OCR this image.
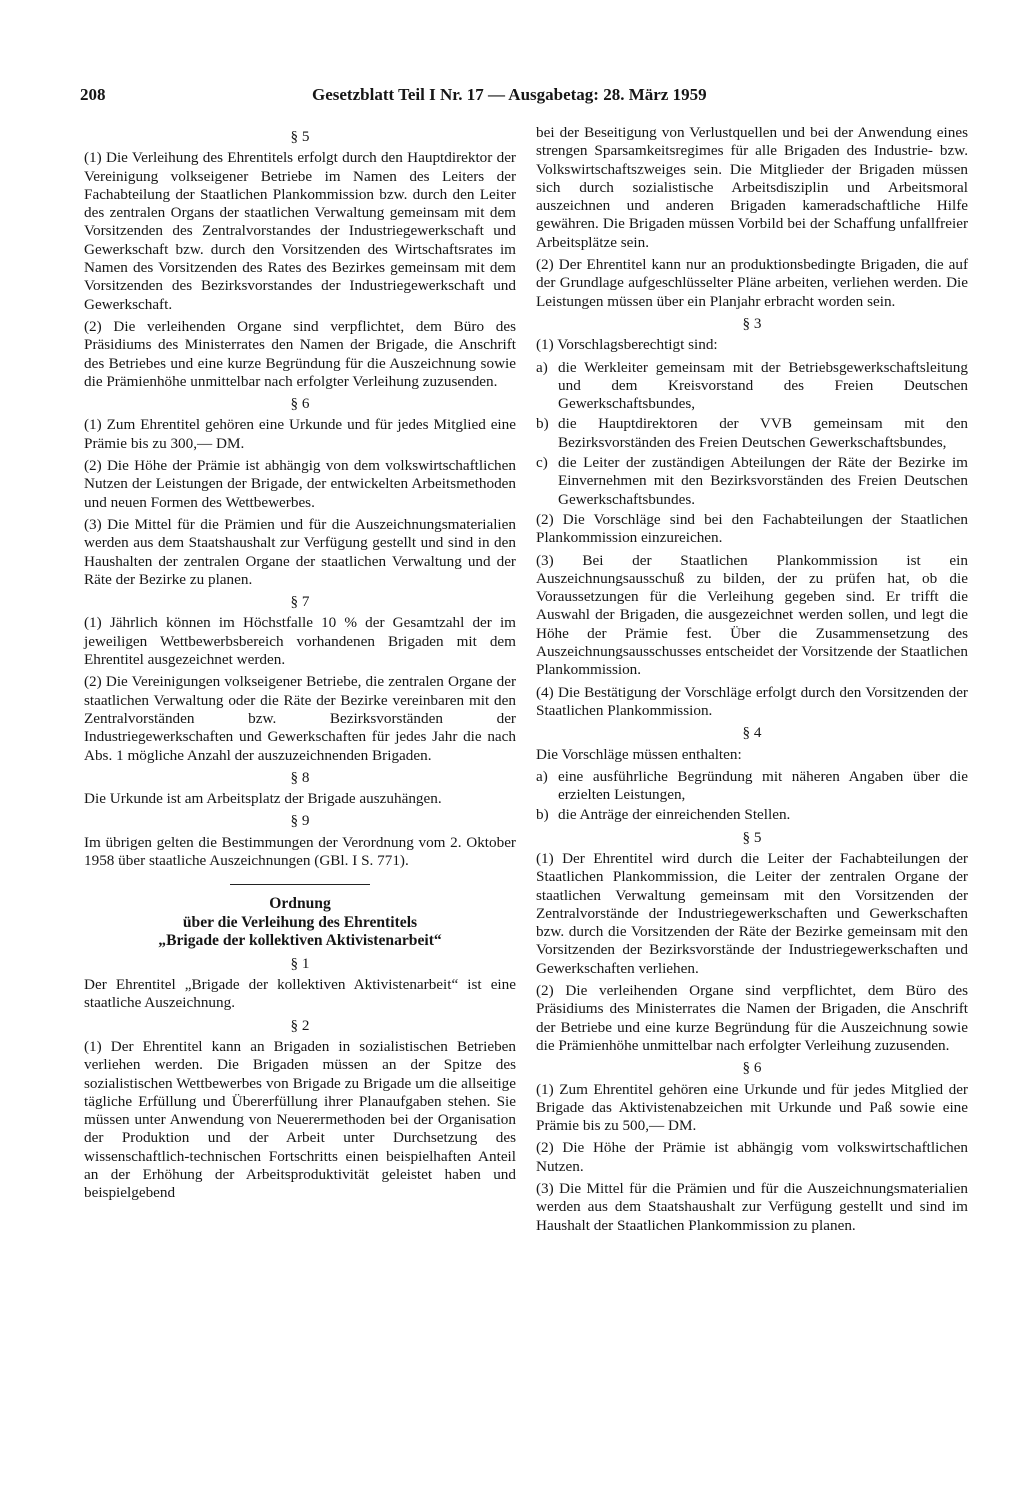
208	Gesetzblatt Teil I Nr. 17 — Ausgabetag: 28. März 1959
§ 5

(1) Die Verleihung des Ehrentitels erfolgt durch den Hauptdirektor der Vereinigung volkseigener Betriebe im Namen des Leiters der Fachabteilung der Staatlichen Plankommission bzw. durch den Leiter des zentralen Organs der staatlichen Verwaltung gemeinsam mit dem Vorsitzenden des Zentralvorstandes der Industriegewerkschaft und Gewerkschaft bzw. durch den Vorsitzenden des Wirtschaftsrates im Namen des Vorsitzenden des Rates des Bezirkes gemeinsam mit dem Vorsitzenden des Bezirksvorstandes der Industriegewerkschaft und Gewerkschaft.

(2) Die verleihenden Organe sind verpflichtet, dem Büro des Präsidiums des Ministerrates den Namen der Brigade, die Anschrift des Betriebes und eine kurze Begründung für die Auszeichnung sowie die Prämienhöhe unmittelbar nach erfolgter Verleihung zuzusenden.

§ 6

(1) Zum Ehrentitel gehören eine Urkunde und für jedes Mitglied eine Prämie bis zu 300,— DM.

(2) Die Höhe der Prämie ist abhängig von dem volkswirtschaftlichen Nutzen der Leistungen der Brigade, der entwickelten Arbeitsmethoden und neuen Formen des Wettbewerbes.

(3) Die Mittel für die Prämien und für die Auszeichnungsmaterialien werden aus dem Staatshaushalt zur Verfügung gestellt und sind in den Haushalten der zentralen Organe der staatlichen Verwaltung und der Räte der Bezirke zu planen.

§ 7

(1) Jährlich können im Höchstfalle 10 % der Gesamtzahl der im jeweiligen Wettbewerbsbereich vorhandenen Brigaden mit dem Ehrentitel ausgezeichnet werden.

(2) Die Vereinigungen volkseigener Betriebe, die zentralen Organe der staatlichen Verwaltung oder die Räte der Bezirke vereinbaren mit den Zentralvorständen bzw. Bezirksvorständen der Industriegewerkschaften und Gewerkschaften für jedes Jahr die nach Abs. 1 mögliche Anzahl der auszuzeichnenden Brigaden.

§ 8

Die Urkunde ist am Arbeitsplatz der Brigade auszuhängen.

§ 9

Im übrigen gelten die Bestimmungen der Verordnung vom 2. Oktober 1958 über staatliche Auszeichnungen (GBl. I S. 771).

Ordnung
über die Verleihung des Ehrentitels
„Brigade der kollektiven Aktivistenarbeit“
§ 1

Der Ehrentitel „Brigade der kollektiven Aktivistenarbeit“ ist eine staatliche Auszeichnung.

§ 2

(1) Der Ehrentitel kann an Brigaden in sozialistischen Betrieben verliehen werden. Die Brigaden müssen an der Spitze des sozialistischen Wettbewerbes von Brigade zu Brigade um die allseitige tägliche Erfüllung und Übererfüllung ihrer Planaufgaben stehen. Sie müssen unter Anwendung von Neuerermethoden bei der Organisation der Produktion und der Arbeit unter Durchsetzung des wissenschaftlich-technischen Fortschritts einen beispielhaften Anteil an der Erhöhung der Arbeitsproduktivität geleistet haben und beispielgebend

bei der Beseitigung von Verlustquellen und bei der Anwendung eines strengen Sparsamkeitsregimes für alle Brigaden des Industrie- bzw. Volkswirtschaftszweiges sein. Die Mitglieder der Brigaden müssen sich durch sozialistische Arbeitsdisziplin und Arbeitsmoral auszeichnen und anderen Brigaden kameradschaftliche Hilfe gewähren. Die Brigaden müssen Vorbild bei der Schaffung unfallfreier Arbeitsplätze sein.

(2) Der Ehrentitel kann nur an produktionsbedingte Brigaden, die auf der Grundlage aufgeschlüsselter Pläne arbeiten, verliehen werden. Die Leistungen müssen über ein Planjahr erbracht worden sein.

§ 3

(1) Vorschlagsberechtigt sind:

a) die Werkleiter gemeinsam mit der Betriebsgewerkschaftsleitung und dem Kreisvorstand des Freien Deutschen Gewerkschaftsbundes,
b) die Hauptdirektoren der VVB gemeinsam mit den Bezirksvorständen des Freien Deutschen Gewerkschaftsbundes,
c) die Leiter der zuständigen Abteilungen der Räte der Bezirke im Einvernehmen mit den Bezirksvorständen des Freien Deutschen Gewerkschaftsbundes.

(2) Die Vorschläge sind bei den Fachabteilungen der Staatlichen Plankommission einzureichen.

(3) Bei der Staatlichen Plankommission ist ein Auszeichnungsausschuß zu bilden, der zu prüfen hat, ob die Voraussetzungen für die Verleihung gegeben sind. Er trifft die Auswahl der Brigaden, die ausgezeichnet werden sollen, und legt die Höhe der Prämie fest. Über die Zusammensetzung des Auszeichnungsausschusses entscheidet der Vorsitzende der Staatlichen Plankommission.

(4) Die Bestätigung der Vorschläge erfolgt durch den Vorsitzenden der Staatlichen Plankommission.

§ 4

Die Vorschläge müssen enthalten:

a) eine ausführliche Begründung mit näheren Angaben über die erzielten Leistungen,
b) die Anträge der einreichenden Stellen.
§ 5

(1) Der Ehrentitel wird durch die Leiter der Fachabteilungen der Staatlichen Plankommission, die Leiter der zentralen Organe der staatlichen Verwaltung gemeinsam mit den Vorsitzenden der Zentralvorstände der Industriegewerkschaften und Gewerkschaften bzw. durch die Vorsitzenden der Räte der Bezirke gemeinsam mit den Vorsitzenden der Bezirksvorstände der Industriegewerkschaften und Gewerkschaften verliehen.

(2) Die verleihenden Organe sind verpflichtet, dem Büro des Präsidiums des Ministerrates die Namen der Brigaden, die Anschrift der Betriebe und eine kurze Begründung für die Auszeichnung sowie die Prämienhöhe unmittelbar nach erfolgter Verleihung zuzusenden.

§ 6

(1) Zum Ehrentitel gehören eine Urkunde und für jedes Mitglied der Brigade das Aktivistenabzeichen mit Urkunde und Paß sowie eine Prämie bis zu 500,— DM.

(2) Die Höhe der Prämie ist abhängig vom volkswirtschaftlichen Nutzen.

(3) Die Mittel für die Prämien und für die Auszeichnungsmaterialien werden aus dem Staatshaushalt zur Verfügung gestellt und sind im Haushalt der Staatlichen Plankommission zu planen.
